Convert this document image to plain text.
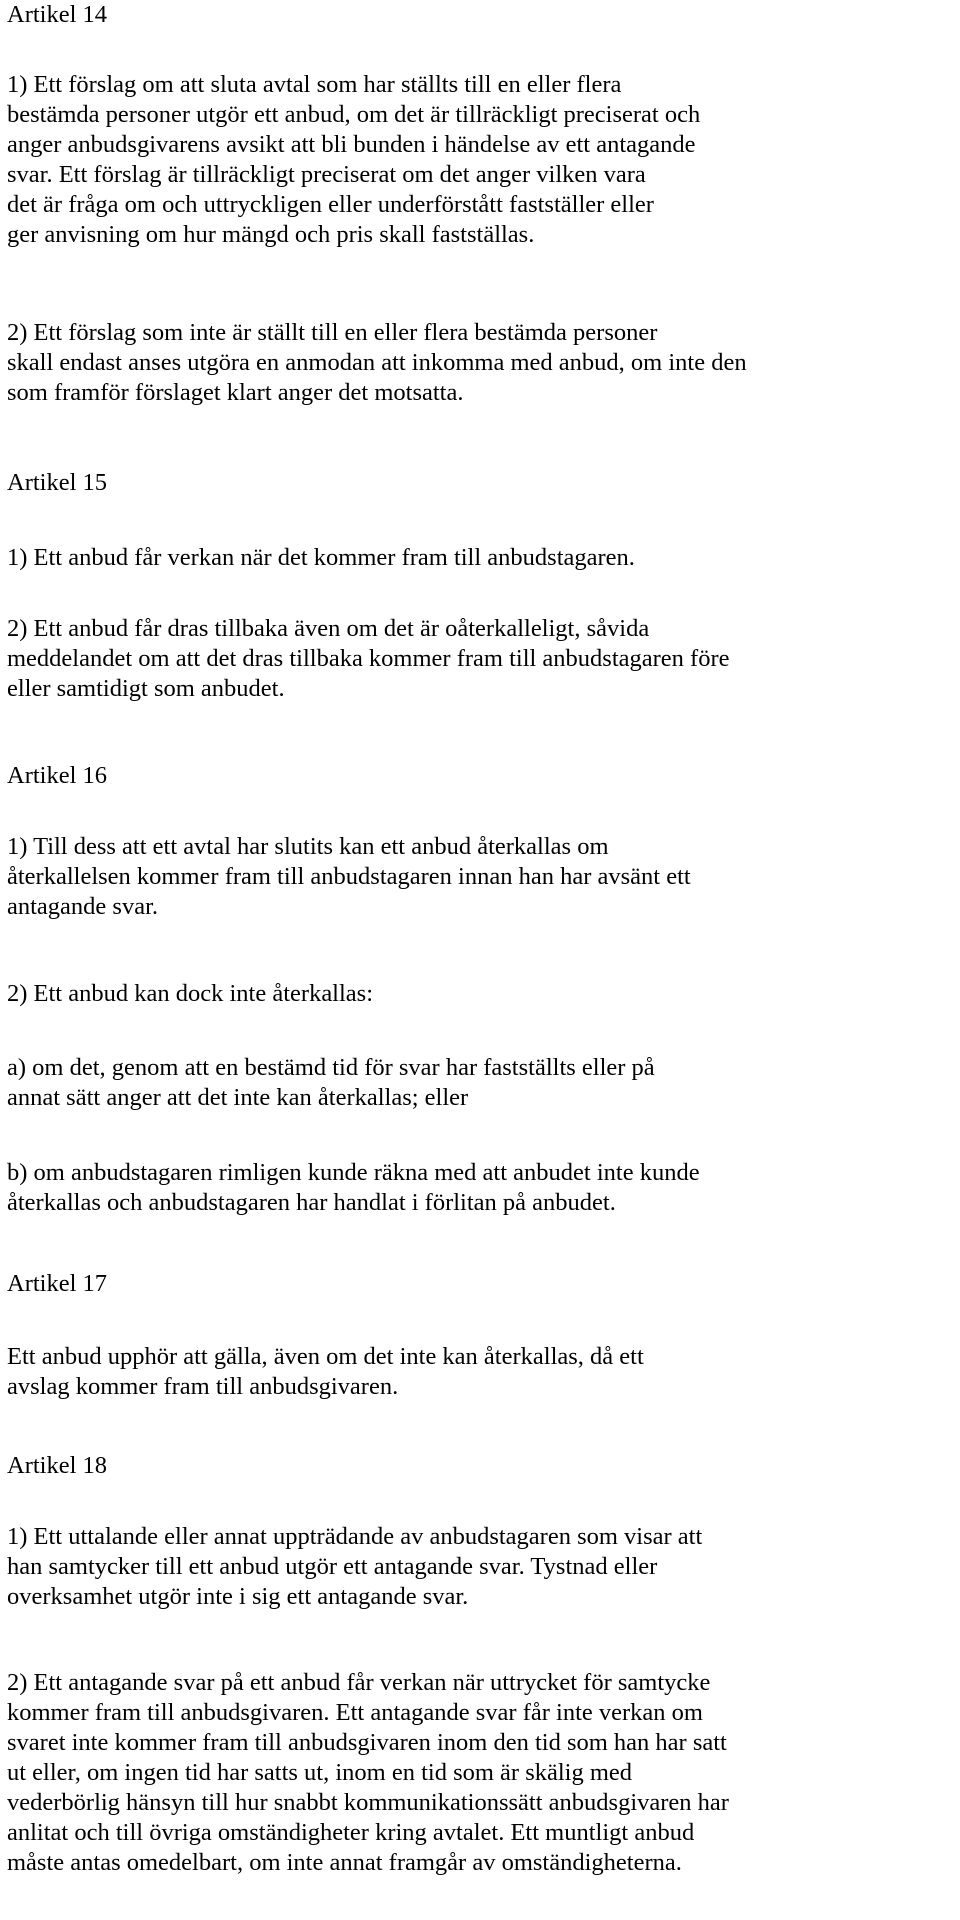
Artikel 14
1) Ett förslag om att sluta avtal som har ställts till en eller flera
bestämda personer utgör ett anbud, om det är tillräckligt preciserat och
anger anbudsgivarens avsikt att bli bunden i händelse av ett antagande
svar. Ett förslag är tillräckligt preciserat om det anger vilken vara
det är fråga om och uttryckligen eller underförstått fastställer eller
ger anvisning om hur mängd och pris skall fastställas.
2) Ett förslag som inte är ställt till en eller flera bestämda personer
skall endast anses utgöra en anmodan att inkomma med anbud, om inte den
som framför förslaget klart anger det motsatta.
Artikel 15
1) Ett anbud får verkan när det kommer fram till anbudstagaren.
2) Ett anbud får dras tillbaka även om det är oåterkalleligt, såvida
meddelandet om att det dras tillbaka kommer fram till anbudstagaren före
eller samtidigt som anbudet.
Artikel 16
1) Till dess att ett avtal har slutits kan ett anbud återkallas om
återkallelsen kommer fram till anbudstagaren innan han har avsänt ett
antagande svar.
2) Ett anbud kan dock inte återkallas:
a) om det, genom att en bestämd tid för svar har fastställts eller på
annat sätt anger att det inte kan återkallas; eller
b) om anbudstagaren rimligen kunde räkna med att anbudet inte kunde
återkallas och anbudstagaren har handlat i förlitan på anbudet.
Artikel 17
Ett anbud upphör att gälla, även om det inte kan återkallas, då ett
avslag kommer fram till anbudsgivaren.
Artikel 18
1) Ett uttalande eller annat uppträdande av anbudstagaren som visar att
han samtycker till ett anbud utgör ett antagande svar. Tystnad eller
overksamhet utgör inte i sig ett antagande svar.
2) Ett antagande svar på ett anbud får verkan när uttrycket för samtycke
kommer fram till anbudsgivaren. Ett antagande svar får inte verkan om
svaret inte kommer fram till anbudsgivaren inom den tid som han har satt
ut eller, om ingen tid har satts ut, inom en tid som är skälig med
vederbörlig hänsyn till hur snabbt kommunikationssätt anbudsgivaren har
anlitat och till övriga omständigheter kring avtalet. Ett muntligt anbud
måste antas omedelbart, om inte annat framgår av omständigheterna.
